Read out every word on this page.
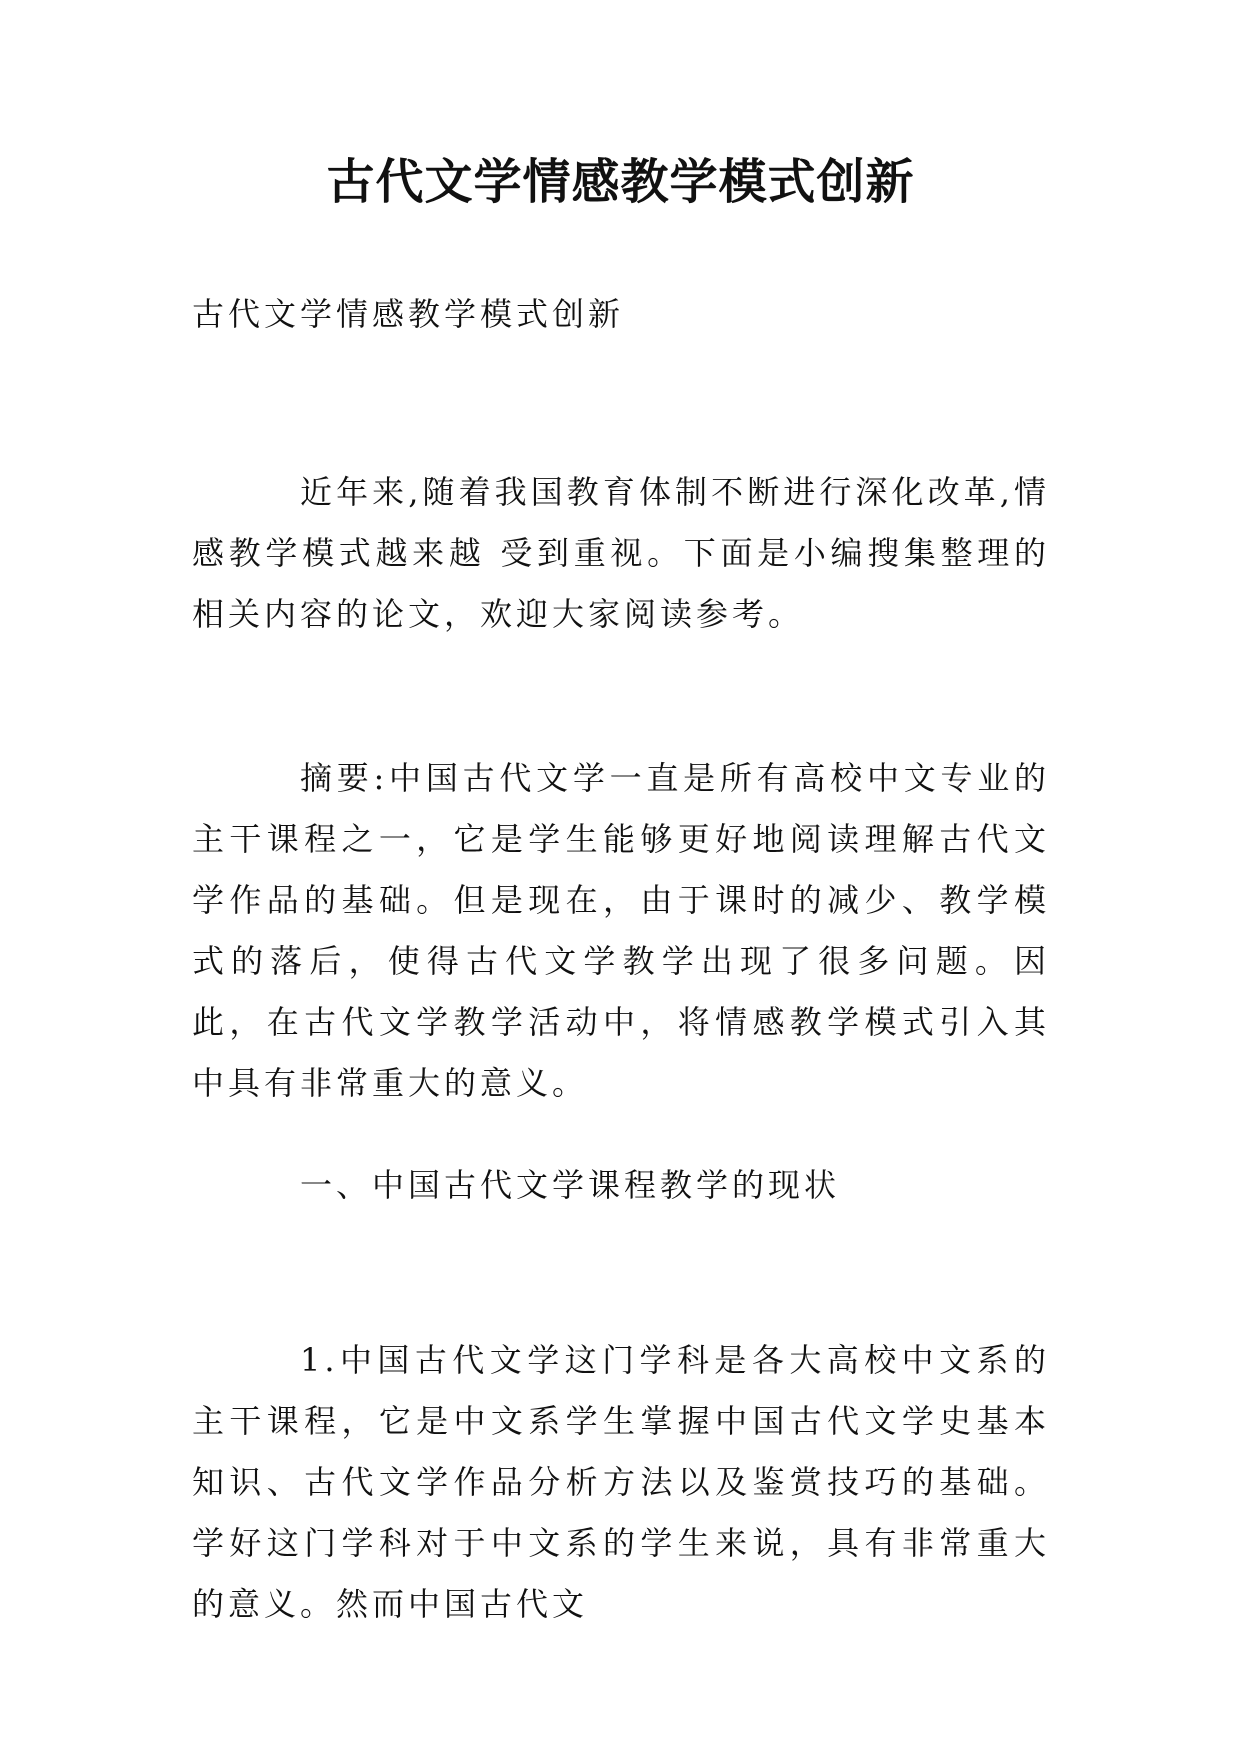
古代文学情感教学模式创新
古代文学情感教学模式创新

近年来,随着我国教育体制不断进行深化改革,情感教学模式越来越 受到重视。下面是小编搜集整理的相关内容的论文，欢迎大家阅读参考。

摘要:中国古代文学一直是所有高校中文专业的主干课程之一，它是学生能够更好地阅读理解古代文学作品的基础。但是现在，由于课时的减少、教学模式的落后，使得古代文学教学出现了很多问题。因此，在古代文学教学活动中，将情感教学模式引入其中具有非常重大的意义。

一、中国古代文学课程教学的现状

1.中国古代文学这门学科是各大高校中文系的主干课程，它是中文系学生掌握中国古代文学史基本知识、古代文学作品分析方法以及鉴赏技巧的基础。学好这门学科对于中文系的学生来说，具有非常重大的意义。然而中国古代文
